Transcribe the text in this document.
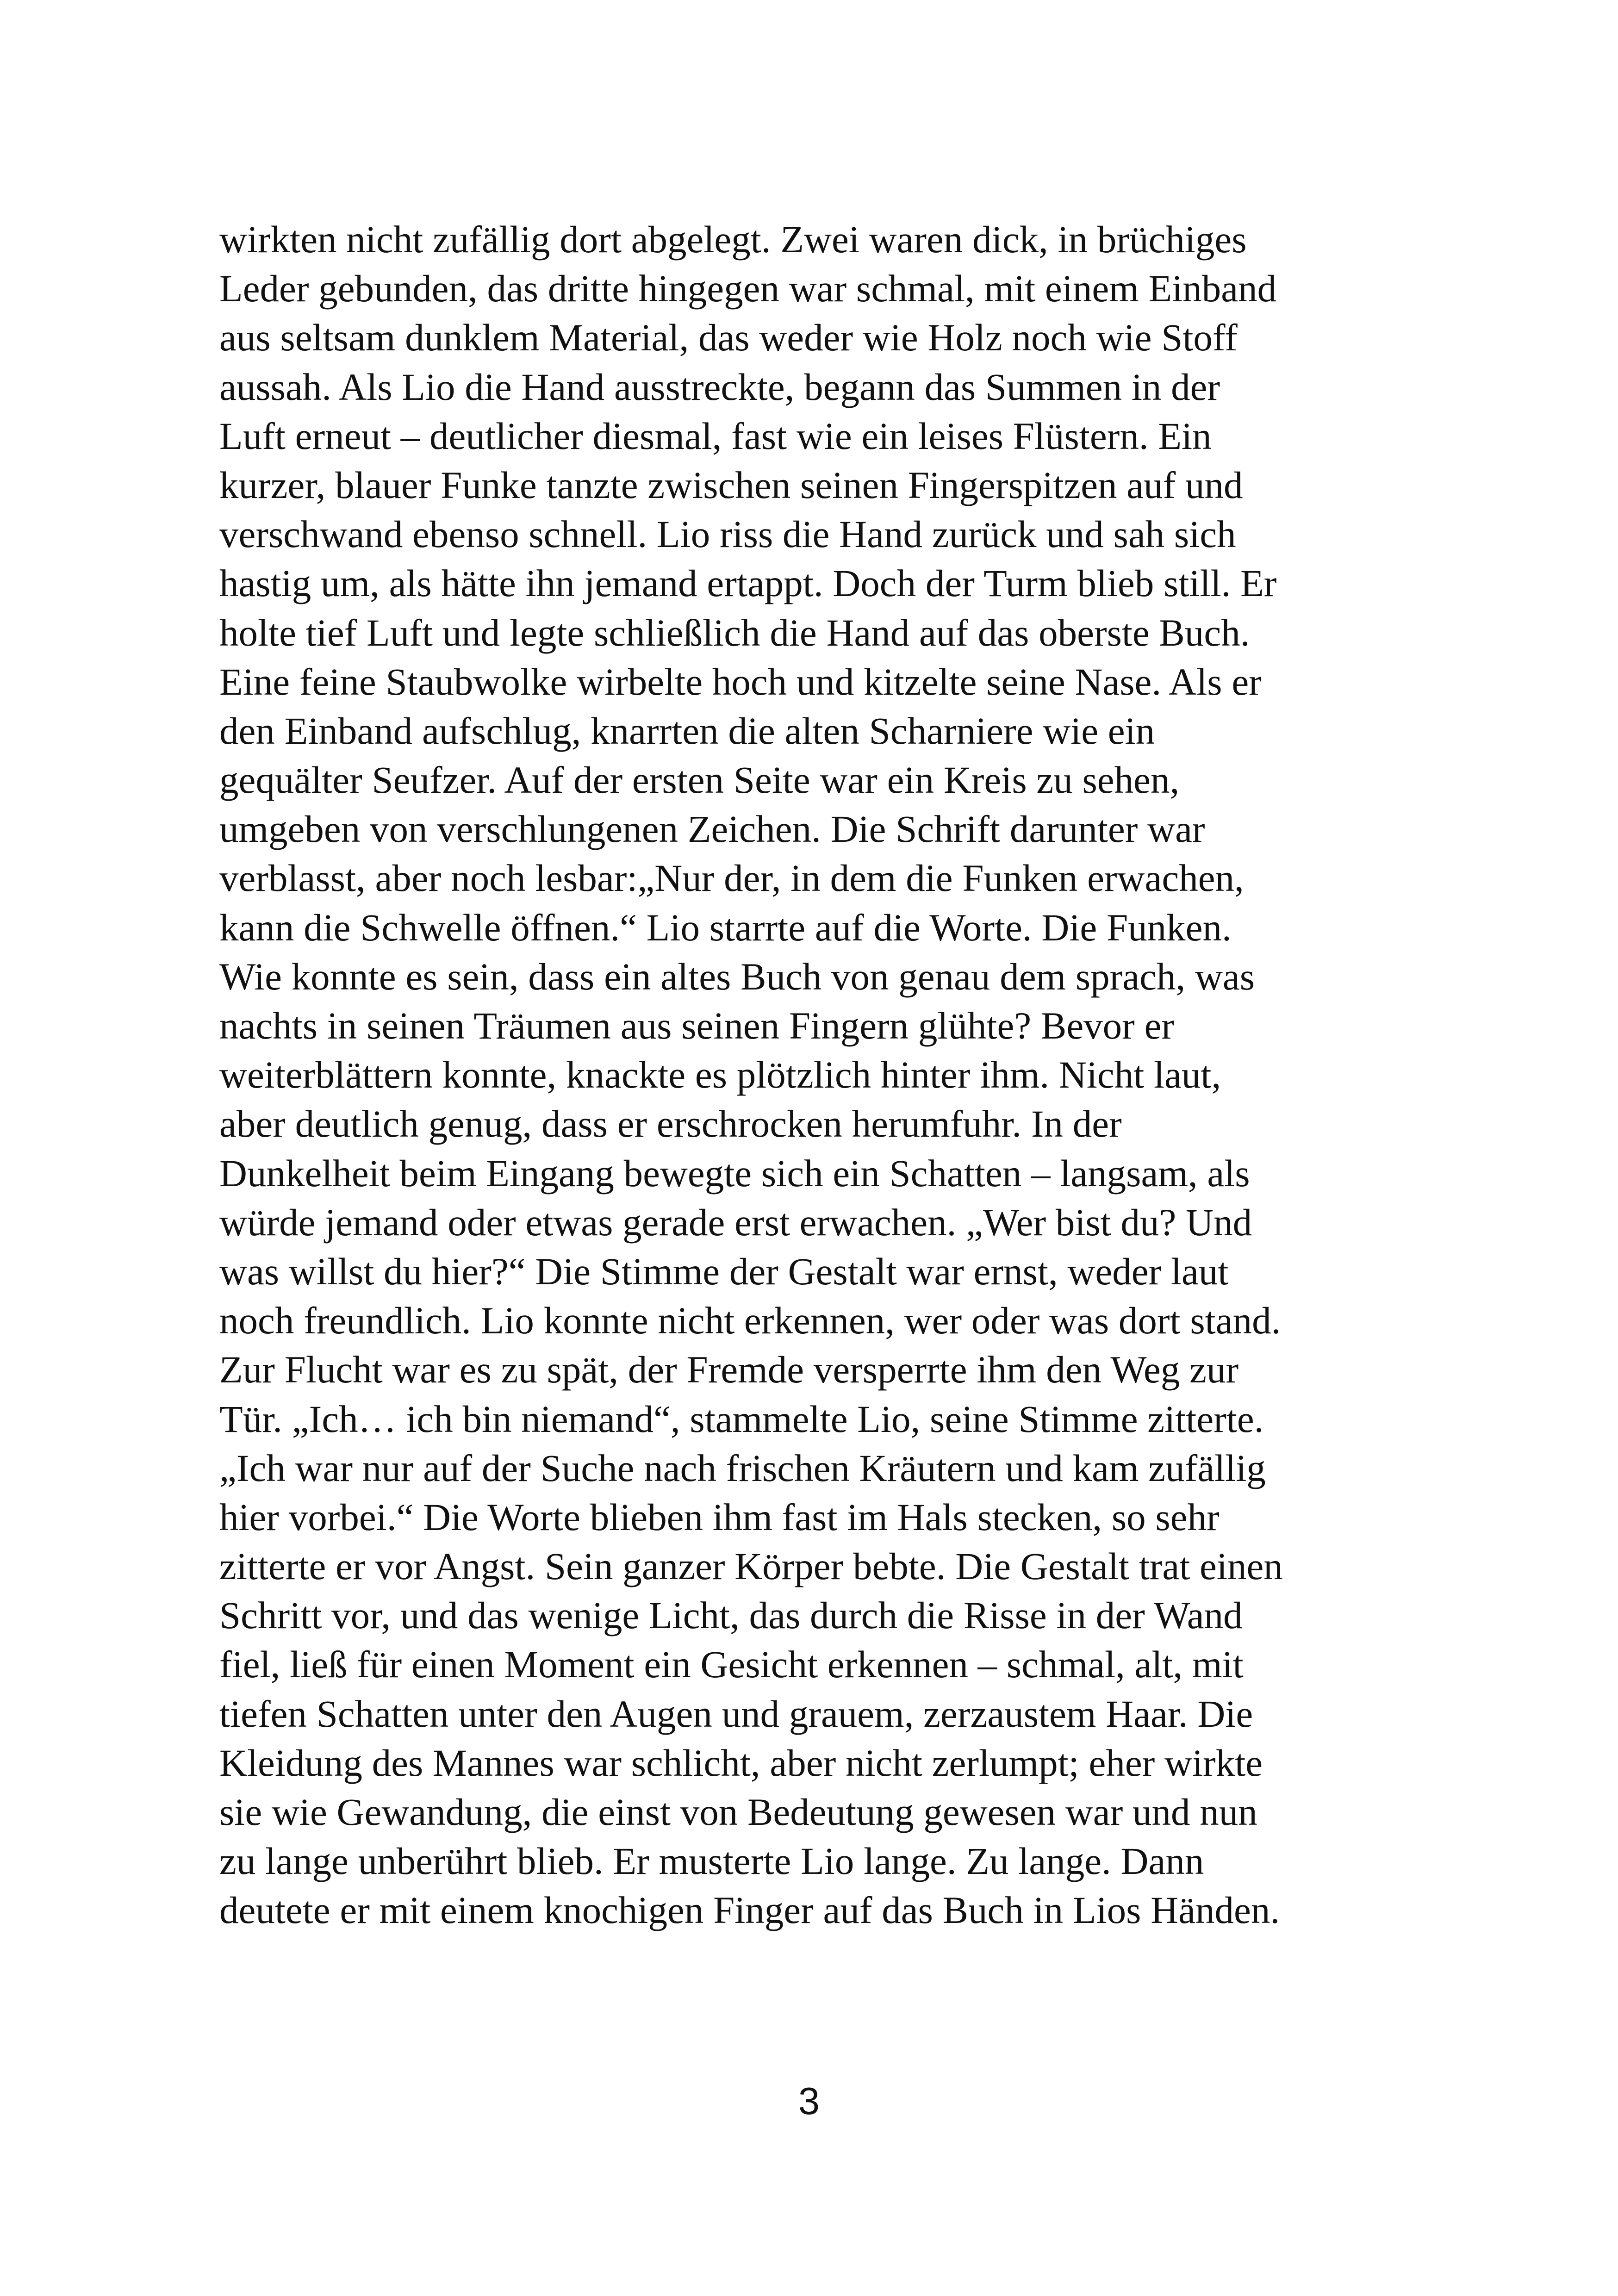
wirkten nicht zufällig dort abgelegt. Zwei waren dick, in brüchiges
Leder gebunden, das dritte hingegen war schmal, mit einem Einband
aus seltsam dunklem Material, das weder wie Holz noch wie Stoff
aussah. Als Lio die Hand ausstreckte, begann das Summen in der
Luft erneut – deutlicher diesmal, fast wie ein leises Flüstern. Ein
kurzer, blauer Funke tanzte zwischen seinen Fingerspitzen auf und
verschwand ebenso schnell. Lio riss die Hand zurück und sah sich
hastig um, als hätte ihn jemand ertappt. Doch der Turm blieb still. Er
holte tief Luft und legte schließlich die Hand auf das oberste Buch.
Eine feine Staubwolke wirbelte hoch und kitzelte seine Nase. Als er
den Einband aufschlug, knarrten die alten Scharniere wie ein
gequälter Seufzer. Auf der ersten Seite war ein Kreis zu sehen,
umgeben von verschlungenen Zeichen. Die Schrift darunter war
verblasst, aber noch lesbar:„Nur der, in dem die Funken erwachen,
kann die Schwelle öffnen.“ Lio starrte auf die Worte. Die Funken.
Wie konnte es sein, dass ein altes Buch von genau dem sprach, was
nachts in seinen Träumen aus seinen Fingern glühte? Bevor er
weiterblättern konnte, knackte es plötzlich hinter ihm. Nicht laut,
aber deutlich genug, dass er erschrocken herumfuhr. In der
Dunkelheit beim Eingang bewegte sich ein Schatten – langsam, als
würde jemand oder etwas gerade erst erwachen. „Wer bist du? Und
was willst du hier?“ Die Stimme der Gestalt war ernst, weder laut
noch freundlich. Lio konnte nicht erkennen, wer oder was dort stand.
Zur Flucht war es zu spät, der Fremde versperrte ihm den Weg zur
Tür. „Ich… ich bin niemand“, stammelte Lio, seine Stimme zitterte.
„Ich war nur auf der Suche nach frischen Kräutern und kam zufällig
hier vorbei.“ Die Worte blieben ihm fast im Hals stecken, so sehr
zitterte er vor Angst. Sein ganzer Körper bebte. Die Gestalt trat einen
Schritt vor, und das wenige Licht, das durch die Risse in der Wand
fiel, ließ für einen Moment ein Gesicht erkennen – schmal, alt, mit
tiefen Schatten unter den Augen und grauem, zerzaustem Haar. Die
Kleidung des Mannes war schlicht, aber nicht zerlumpt; eher wirkte
sie wie Gewandung, die einst von Bedeutung gewesen war und nun
zu lange unberührt blieb. Er musterte Lio lange. Zu lange. Dann
deutete er mit einem knochigen Finger auf das Buch in Lios Händen.
3
